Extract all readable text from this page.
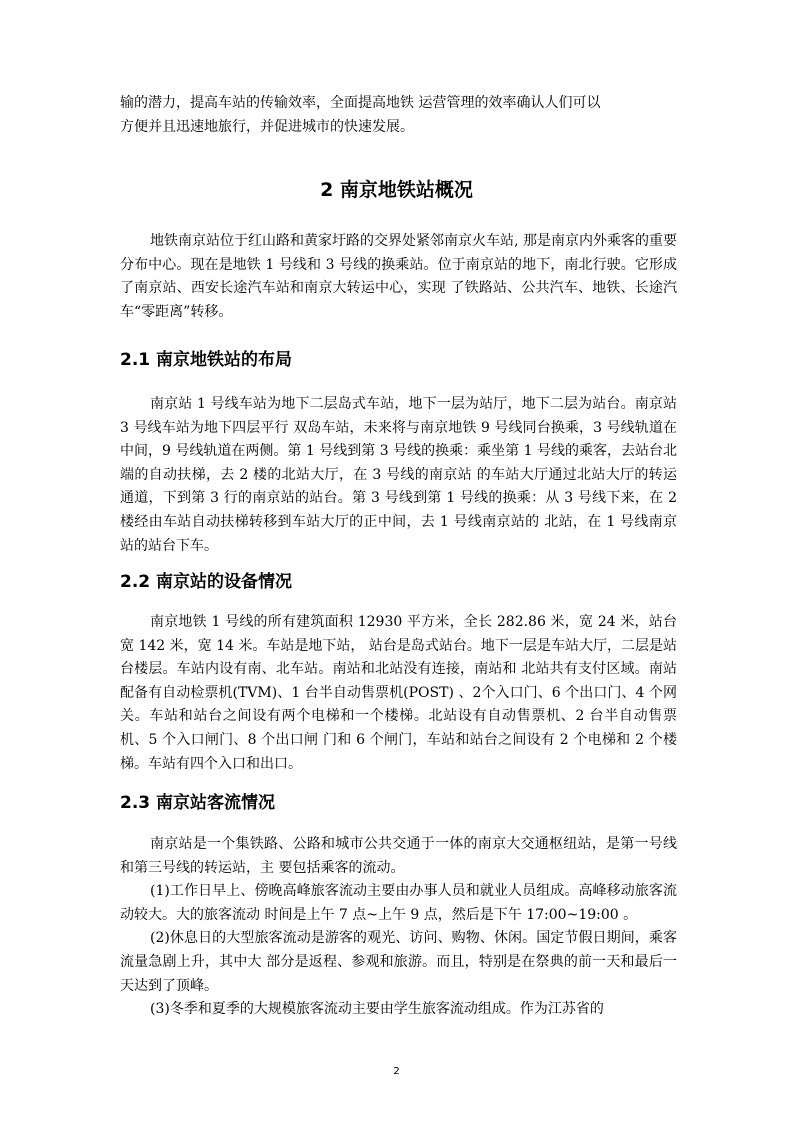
输的潜力，提高车站的传输效率，全面提高地铁 运营管理的效率确认人们可以

方便并且迅速地旅行，并促进城市的快速发展。

2 南京地铁站概况

地铁南京站位于红山路和黄家圩路的交界处紧邻南京火车站, 那是南京内外乘客的重要分布中心。现在是地铁 1 号线和 3 号线的换乘站。位于南京站的地下，南北行驶。它形成了南京站、西安长途汽车站和南京大转运中心，实现 了铁路站、公共汽车、地铁、长途汽车“零距离”转移。

2.1 南京地铁站的布局

南京站 1 号线车站为地下二层岛式车站，地下一层为站厅，地下二层为站台。南京站 3 号线车站为地下四层平行 双岛车站，未来将与南京地铁 9 号线同台换乘，3 号线轨道在中间，9 号线轨道在两侧。第 1 号线到第 3 号线的换乘：乘坐第 1 号线的乘客，去站台北端的自动扶梯，去 2 楼的北站大厅，在 3 号线的南京站 的车站大厅通过北站大厅的转运通道，下到第 3 行的南京站的站台。第 3 号线到第 1 号线的换乘：从 3 号线下来，在 2 楼经由车站自动扶梯转移到车站大厅的正中间，去 1 号线南京站的 北站，在 1 号线南京站的站台下车。

2.2 南京站的设备情况

南京地铁 1 号线的所有建筑面积 12930 平方米，全长 282.86 米，宽 24 米，站台宽 142 米，宽 14 米。车站是地下站， 站台是岛式站台。地下一层是车站大厅，二层是站台楼层。车站内设有南、北车站。南站和北站没有连接，南站和 北站共有支付区域。南站配备有自动检票机(TVM)、1 台半自动售票机(POST) 、2个入口门、6 个出口门、4 个网关。车站和站台之间设有两个电梯和一个楼梯。北站设有自动售票机、2 台半自动售票机、5 个入口闸门、8 个出口闸 门和 6 个闸门，车站和站台之间设有 2 个电梯和 2 个楼梯。车站有四个入口和出口。

2.3 南京站客流情况

南京站是一个集铁路、公路和城市公共交通于一体的南京大交通枢纽站，是第一号线和第三号线的转运站，主 要包括乘客的流动。

(1)工作日早上、傍晚高峰旅客流动主要由办事人员和就业人员组成。高峰移动旅客流动较大。大的旅客流动 时间是上午 7 点~上午 9 点，然后是下午 17:00~19:00 。

(2)休息日的大型旅客流动是游客的观光、访问、购物、休闲。国定节假日期间，乘客流量急剧上升，其中大 部分是返程、参观和旅游。而且，特别是在祭典的前一天和最后一天达到了顶峰。

(3)冬季和夏季的大规模旅客流动主要由学生旅客流动组成。作为江苏省的

2
